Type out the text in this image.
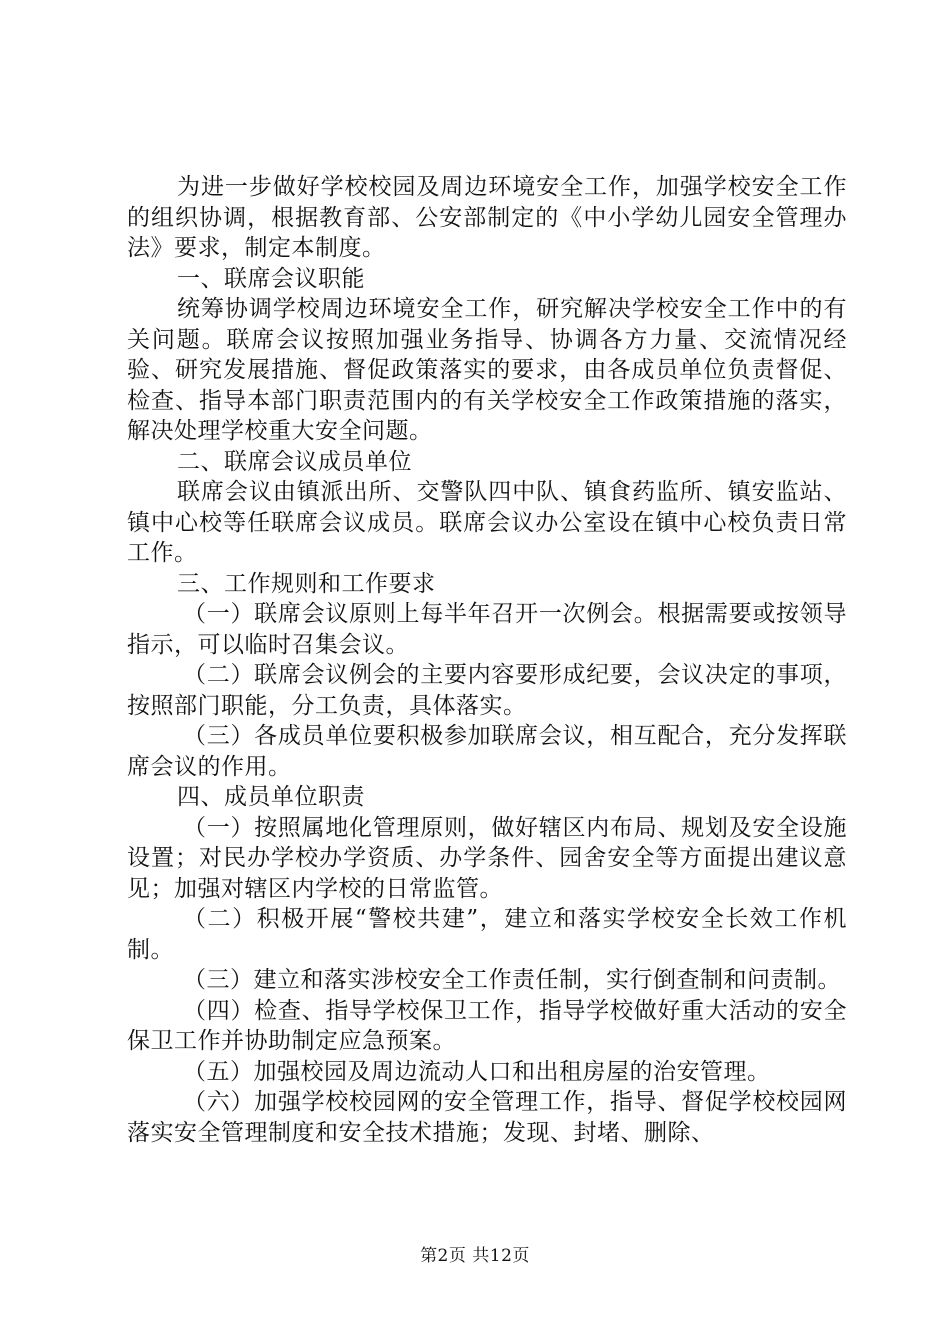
为进一步做好学校校园及周边环境安全工作，加强学校安全工作的组织协调，根据教育部、公安部制定的《中小学幼儿园安全管理办法》要求，制定本制度。

一、联席会议职能

统筹协调学校周边环境安全工作，研究解决学校安全工作中的有关问题。联席会议按照加强业务指导、协调各方力量、交流情况经验、研究发展措施、督促政策落实的要求，由各成员单位负责督促、检查、指导本部门职责范围内的有关学校安全工作政策措施的落实，解决处理学校重大安全问题。

二、联席会议成员单位

联席会议由镇派出所、交警队四中队、镇食药监所、镇安监站、镇中心校等任联席会议成员。联席会议办公室设在镇中心校负责日常工作。

三、工作规则和工作要求

（一）联席会议原则上每半年召开一次例会。根据需要或按领导指示，可以临时召集会议。

（二）联席会议例会的主要内容要形成纪要，会议决定的事项，按照部门职能，分工负责，具体落实。

（三）各成员单位要积极参加联席会议，相互配合，充分发挥联席会议的作用。

四、成员单位职责

（一）按照属地化管理原则，做好辖区内布局、规划及安全设施设置；对民办学校办学资质、办学条件、园舍安全等方面提出建议意见；加强对辖区内学校的日常监管。

（二）积极开展“警校共建”，建立和落实学校安全长效工作机制。

（三）建立和落实涉校安全工作责任制，实行倒查制和问责制。

（四）检查、指导学校保卫工作，指导学校做好重大活动的安全保卫工作并协助制定应急预案。

（五）加强校园及周边流动人口和出租房屋的治安管理。

（六）加强学校校园网的安全管理工作，指导、督促学校校园网落实安全管理制度和安全技术措施；发现、封堵、删除、

第2页 共12页
